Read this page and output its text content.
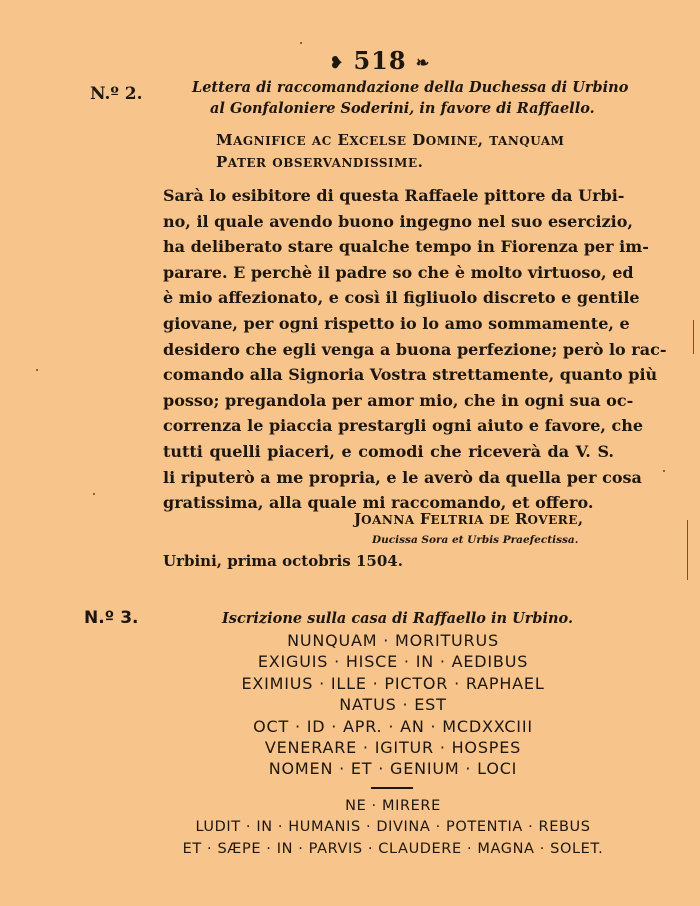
❥ 518 ❧
N.º 2.	Lettera di raccomandazione della Duchessa di Urbino
al Gonfaloniere Soderini, in favore di Raffaello.
MAGNIFICE AC EXCELSE DOMINE, TANQUAM
PATER OBSERVANDISSIME.
Sarà lo esibitore di questa Raffaele pittore da Urbi-
no, il quale avendo buono ingegno nel suo esercizio,
ha deliberato stare qualche tempo in Fiorenza per im-
parare. E perchè il padre so che è molto virtuoso, ed
è mio affezionato, e così il figliuolo discreto e gentile
giovane, per ogni rispetto io lo amo sommamente, e
desidero che egli venga a buona perfezione; però lo rac-
comando alla Signoria Vostra strettamente, quanto più
posso; pregandola per amor mio, che in ogni sua oc-
correnza le piaccia prestargli ogni aiuto e favore, che
tutti quelli piaceri, e comodi che riceverà da V. S.
li riputerò a me propria, e le averò da quella per cosa
gratissima, alla quale mi raccomando, et offero.
JOANNA FELTRIA DE ROVERE,
Ducissa Sora et Urbis Praefectissa.
Urbini, prima octobris 1504.
N.º 3.	Iscrizione sulla casa di Raffaello in Urbino.
NUNQUAM · MORITURUS
EXIGUIS · HISCE · IN · AEDIBUS
EXIMIUS · ILLE · PICTOR · RAPHAEL
NATUS · EST
OCT · ID · APR. · AN · MCDXXCIII
VENERARE · IGITUR · HOSPES
NOMEN · ET · GENIUM · LOCI
NE · MIRERE
LUDIT · IN · HUMANIS · DIVINA · POTENTIA · REBUS
ET · SÆPE · IN · PARVIS · CLAUDERE · MAGNA · SOLET.
